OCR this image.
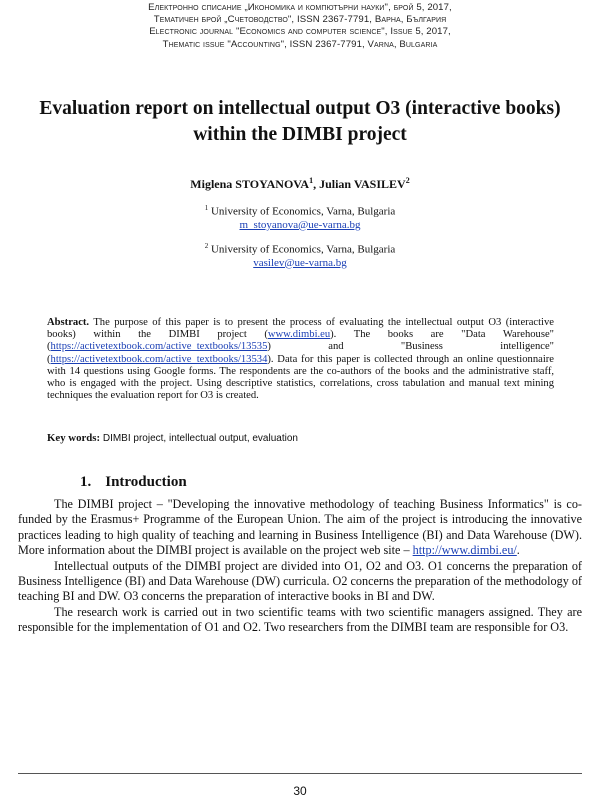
Електронно списание „Икономика и компютърни науки", брой 5, 2017,
Тематичен брой „Счетоводство", ISSN 2367-7791, Варна, България
Electronic journal "Economics and computer science", Issue 5, 2017,
Thematic issue "Accounting", ISSN 2367-7791, Varna, Bulgaria
Evaluation report on intellectual output O3 (interactive books) within the DIMBI project
Miglena STOYANOVA$^1$, Julian VASILEV$^2$
$^1$ University of Economics, Varna, Bulgaria
m_stoyanova@ue-varna.bg
$^2$ University of Economics, Varna, Bulgaria
vasilev@ue-varna.bg

Abstract. The purpose of this paper is to present the process of evaluating the intellectual output O3 (interactive books) within the DIMBI project (www.dimbi.eu). The books are "Data Warehouse" (https://activetextbook.com/active_textbooks/13535) and "Business intelligence" (https://activetextbook.com/active_textbooks/13534). Data for this paper is collected through an online questionnaire with 14 questions using Google forms. The respondents are the co-authors of the books and the administrative staff, who is engaged with the project. Using descriptive statistics, correlations, cross tabulation and manual text mining techniques the evaluation report for O3 is created.

Key words: DIMBI project, intellectual output, evaluation
1. Introduction

The DIMBI project – "Developing the innovative methodology of teaching Business Informatics" is co-funded by the Erasmus+ Programme of the European Union. The aim of the project is introducing the innovative practices leading to high quality of teaching and learning in Business Intelligence (BI) and Data Warehouse (DW). More information about the DIMBI project is available on the project web site – http://www.dimbi.eu/.

Intellectual outputs of the DIMBI project are divided into O1, O2 and O3. O1 concerns the preparation of Business Intelligence (BI) and Data Warehouse (DW) curricula. O2 concerns the preparation of the methodology of teaching BI and DW. O3 concerns the preparation of interactive books in BI and DW.

The research work is carried out in two scientific teams with two scientific managers assigned. They are responsible for the implementation of O1 and O2. Two researchers from the DIMBI team are responsible for O3.

30
